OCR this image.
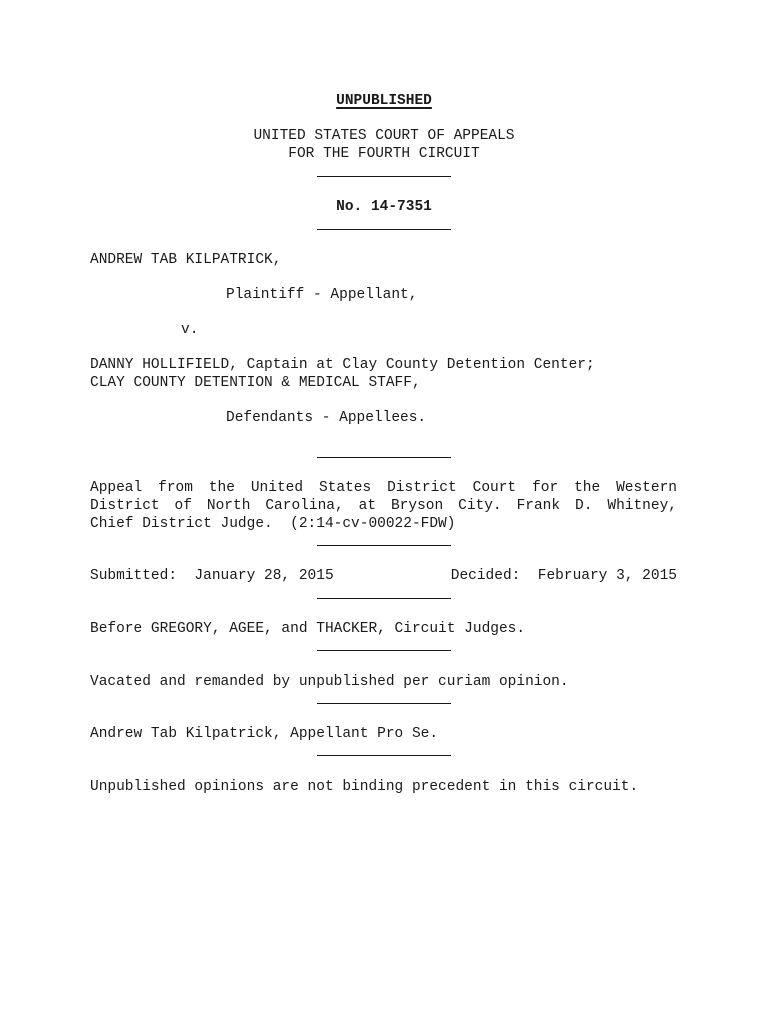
UNPUBLISHED
UNITED STATES COURT OF APPEALS
FOR THE FOURTH CIRCUIT
No. 14-7351
ANDREW TAB KILPATRICK,
Plaintiff - Appellant,
v.
DANNY HOLLIFIELD, Captain at Clay County Detention Center;
CLAY COUNTY DETENTION & MEDICAL STAFF,
Defendants - Appellees.
Appeal from the United States District Court for the Western
District of North Carolina, at Bryson City. Frank D. Whitney,
Chief District Judge.  (2:14-cv-00022-FDW)
Submitted:  January 28, 2015	Decided:  February 3, 2015
Before GREGORY, AGEE, and THACKER, Circuit Judges.
Vacated and remanded by unpublished per curiam opinion.
Andrew Tab Kilpatrick, Appellant Pro Se.
Unpublished opinions are not binding precedent in this circuit.
